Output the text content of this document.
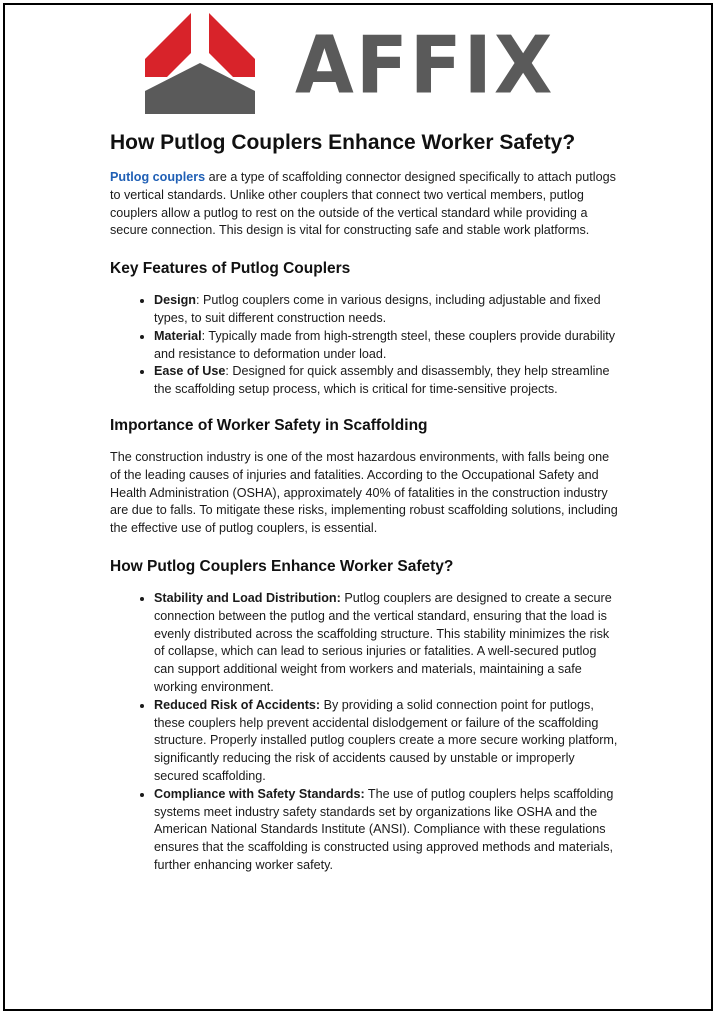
AFFIX
How Putlog Couplers Enhance Worker Safety?

Putlog couplers are a type of scaffolding connector designed specifically to attach putlogs to vertical standards. Unlike other couplers that connect two vertical members, putlog couplers allow a putlog to rest on the outside of the vertical standard while providing a secure connection. This design is vital for constructing safe and stable work platforms.

Key Features of Putlog Couplers
• Design: Putlog couplers come in various designs, including adjustable and fixed types, to suit different construction needs.
• Material: Typically made from high-strength steel, these couplers provide durability and resistance to deformation under load.
• Ease of Use: Designed for quick assembly and disassembly, they help streamline the scaffolding setup process, which is critical for time-sensitive projects.
Importance of Worker Safety in Scaffolding

The construction industry is one of the most hazardous environments, with falls being one of the leading causes of injuries and fatalities. According to the Occupational Safety and Health Administration (OSHA), approximately 40% of fatalities in the construction industry are due to falls. To mitigate these risks, implementing robust scaffolding solutions, including the effective use of putlog couplers, is essential.

How Putlog Couplers Enhance Worker Safety?
• Stability and Load Distribution: Putlog couplers are designed to create a secure connection between the putlog and the vertical standard, ensuring that the load is evenly distributed across the scaffolding structure. This stability minimizes the risk of collapse, which can lead to serious injuries or fatalities. A well-secured putlog can support additional weight from workers and materials, maintaining a safe working environment.
• Reduced Risk of Accidents: By providing a solid connection point for putlogs, these couplers help prevent accidental dislodgement or failure of the scaffolding structure. Properly installed putlog couplers create a more secure working platform, significantly reducing the risk of accidents caused by unstable or improperly secured scaffolding.
• Compliance with Safety Standards: The use of putlog couplers helps scaffolding systems meet industry safety standards set by organizations like OSHA and the American National Standards Institute (ANSI). Compliance with these regulations ensures that the scaffolding is constructed using approved methods and materials, further enhancing worker safety.
